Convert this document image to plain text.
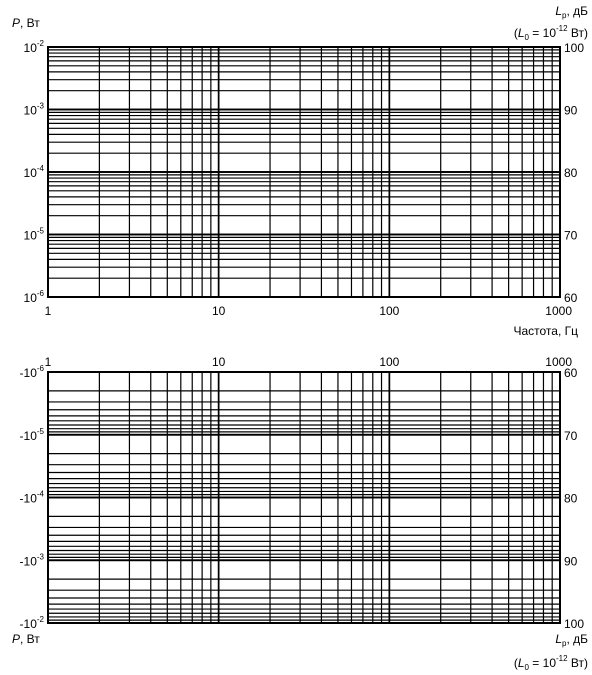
$10^{-2}$
$10^{-3}$
$10^{-4}$
$10^{-5}$
$10^{-6}$
100
90
80
70
60
1	10	100	1000
P, Вт
$L_p$, дБ
($L_0 = 10^{-12}$ Вт)
Частота, Гц
$-10^{-6}$
$-10^{-5}$
$-10^{-4}$
$-10^{-3}$
$-10^{-2}$
60
70
80
90
100
1	10	100	1000
P, Вт	$L_p$, дБ
($L_0 = 10^{-12}$ Вт)
